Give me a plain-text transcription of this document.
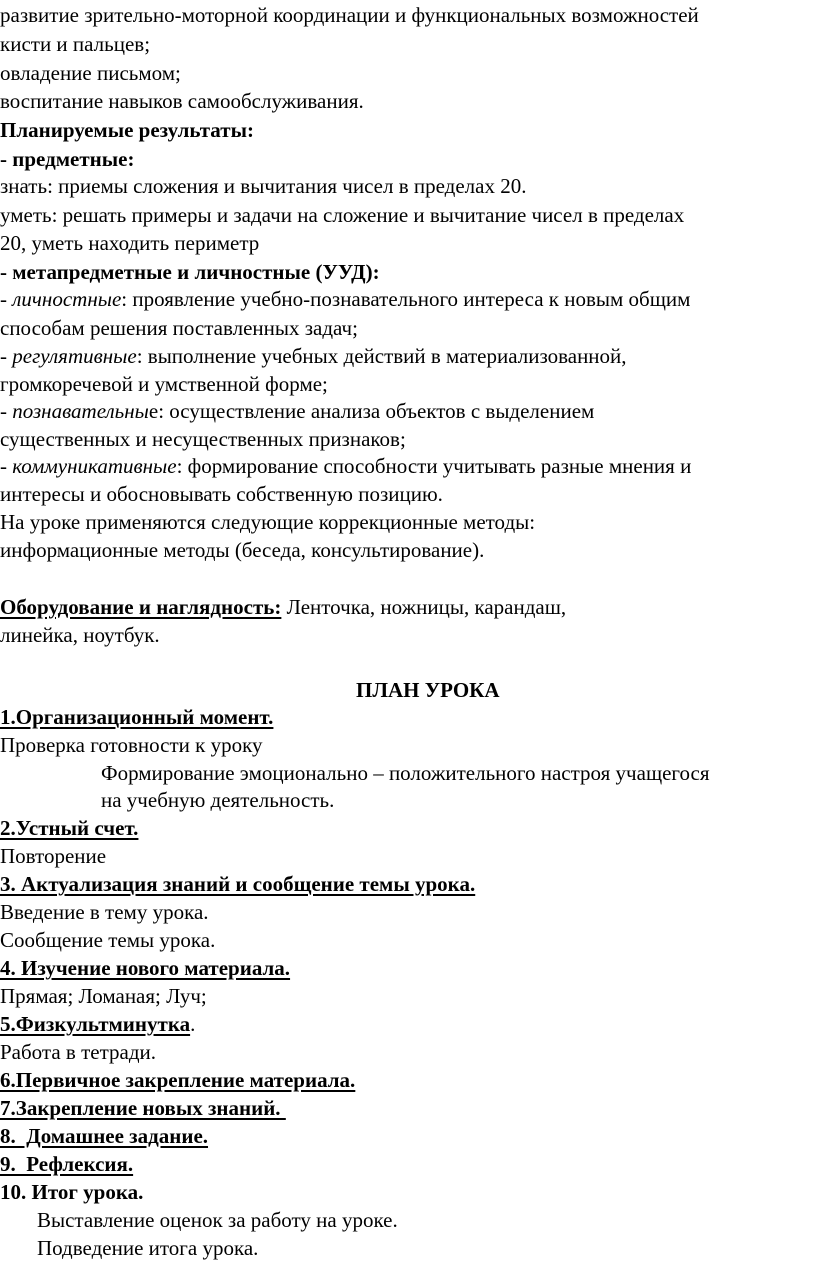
развитие зрительно-моторной координации и функциональных возможностей
кисти и пальцев;
овладение письмом;
воспитание навыков самообслуживания.
Планируемые результаты:
- предметные:
знать: приемы сложения и вычитания чисел в пределах 20.
уметь: решать примеры и задачи на сложение и вычитание чисел в пределах
20, уметь находить периметр
- метапредметные и личностные (УУД):
- личностные: проявление учебно-познавательного интереса к новым общим
способам решения поставленных задач;
- регулятивные: выполнение учебных действий в материализованной,
громкоречевой и умственной форме;
- познавательные: осуществление анализа объектов с выделением
существенных и несущественных признаков;
- коммуникативные: формирование способности учитывать разные мнения и
интересы и обосновывать собственную позицию.
На уроке применяются следующие коррекционные методы:
информационные методы (беседа, консультирование).
Оборудование и наглядность: Ленточка, ножницы, карандаш,
линейка, ноутбук.
ПЛАН УРОКА
1.Организационный момент.
Проверка готовности к уроку
Формирование эмоционально – положительного настроя учащегося
на учебную деятельность.
2.Устный счет.
Повторение
3. Актуализация знаний и сообщение темы урока.
Введение в тему урока.
Сообщение темы урока.
4. Изучение нового материала.
Прямая; Ломаная; Луч;
5.Физкультминутка.
Работа в тетради.
6.Первичное закрепление материала.
7.Закрепление новых знаний.
8.  Домашнее задание.
9.  Рефлексия.
10. Итог урока.
Выставление оценок за работу на уроке.
Подведение итога урока.
